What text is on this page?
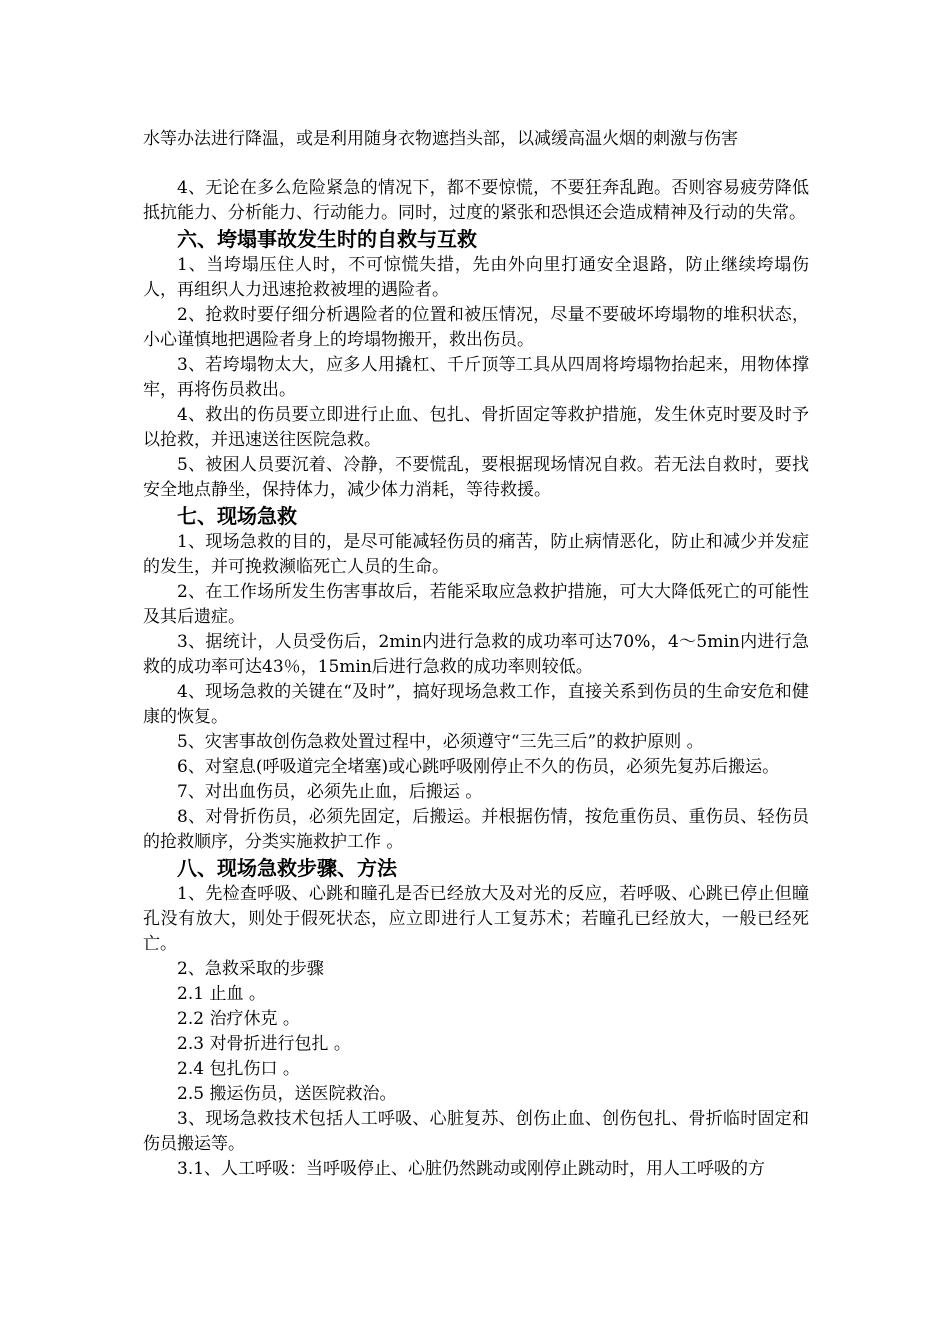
水等办法进行降温，或是利用随身衣物遮挡头部，以减缓高温火烟的刺激与伤害

4、无论在多么危险紧急的情况下，都不要惊慌，不要狂奔乱跑。否则容易疲劳降低抵抗能力、分析能力、行动能力。同时，过度的紧张和恐惧还会造成精神及行动的失常。

六、垮塌事故发生时的自救与互救

1、当垮塌压住人时，不可惊慌失措，先由外向里打通安全退路，防止继续垮塌伤人，再组织人力迅速抢救被埋的遇险者。

2、抢救时要仔细分析遇险者的位置和被压情况，尽量不要破坏垮塌物的堆积状态，小心谨慎地把遇险者身上的垮塌物搬开，救出伤员。

3、若垮塌物太大，应多人用撬杠、千斤顶等工具从四周将垮塌物抬起来，用物体撑牢，再将伤员救出。

4、救出的伤员要立即进行止血、包扎、骨折固定等救护措施，发生休克时要及时予以抢救，并迅速送往医院急救。

5、被困人员要沉着、冷静，不要慌乱，要根据现场情况自救。若无法自救时，要找安全地点静坐，保持体力，减少体力消耗，等待救援。

七、现场急救

1、现场急救的目的，是尽可能减轻伤员的痛苦，防止病情恶化，防止和减少并发症的发生，并可挽救濒临死亡人员的生命。

2、在工作场所发生伤害事故后，若能采取应急救护措施，可大大降低死亡的可能性及其后遗症。

3、据统计，人员受伤后，2min内进行急救的成功率可达70%，4～5min内进行急救的成功率可达43％，15min后进行急救的成功率则较低。

4、现场急救的关键在“及时”，搞好现场急救工作，直接关系到伤员的生命安危和健康的恢复。

5、灾害事故创伤急救处置过程中，必须遵守“三先三后”的救护原则 。

6、对窒息(呼吸道完全堵塞)或心跳呼吸刚停止不久的伤员，必须先复苏后搬运。

7、对出血伤员，必须先止血，后搬运 。

8、对骨折伤员，必须先固定，后搬运。并根据伤情，按危重伤员、重伤员、轻伤员的抢救顺序，分类实施救护工作 。

八、现场急救步骤、方法

1、先检查呼吸、心跳和瞳孔是否已经放大及对光的反应，若呼吸、心跳已停止但瞳孔没有放大，则处于假死状态，应立即进行人工复苏术；若瞳孔已经放大，一般已经死亡。

2、急救采取的步骤

2.1 止血 。

2.2 治疗休克 。

2.3 对骨折进行包扎 。

2.4 包扎伤口 。

2.5 搬运伤员，送医院救治。

3、现场急救技术包括人工呼吸、心脏复苏、创伤止血、创伤包扎、骨折临时固定和伤员搬运等。

3.1、人工呼吸：当呼吸停止、心脏仍然跳动或刚停止跳动时，用人工呼吸的方
